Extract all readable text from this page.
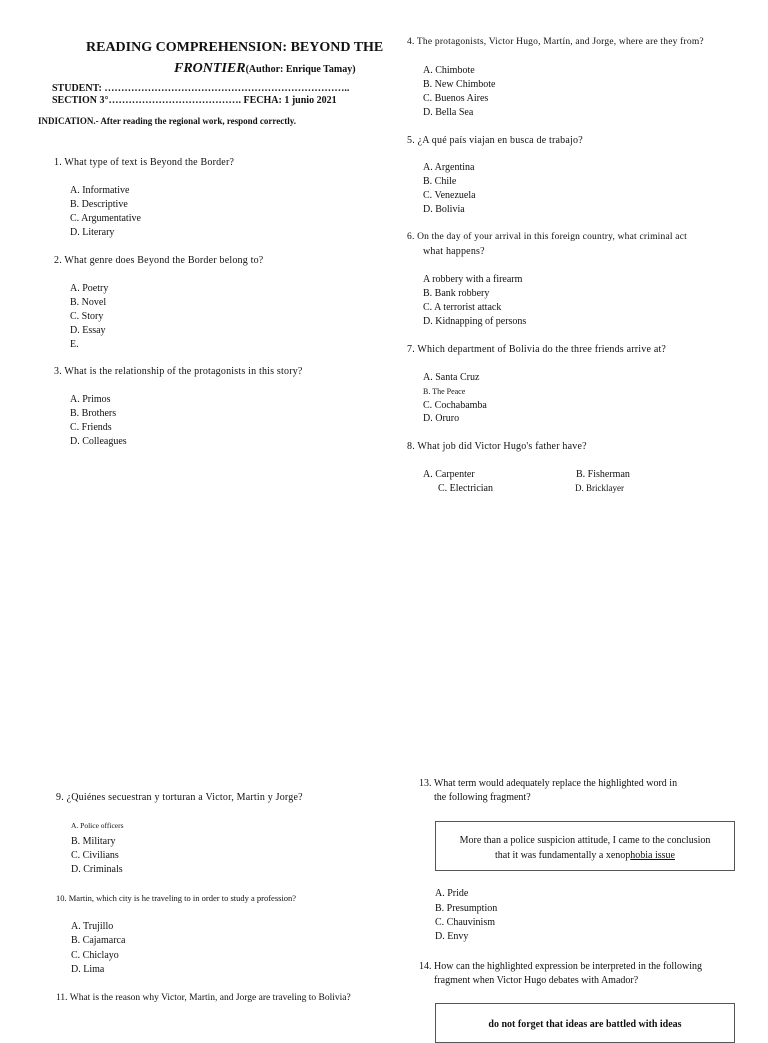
READING COMPREHENSION: BEYOND THE
FRONTIER(Author: Enrique Tamay)
STUDENT: ………………………………………………………………..
SECTION 3°…………………………………. FECHA: 1 junio 2021
INDICATION.- After reading the regional work, respond correctly.
1. What type of text is Beyond the Border?
A. Informative
B. Descriptive
C. Argumentative
D. Literary
2. What genre does Beyond the Border belong to?
A. Poetry
B. Novel
C. Story
D. Essay
E.
3. What is the relationship of the protagonists in this story?
A. Primos
B. Brothers
C. Friends
D. Colleagues
4. The protagonists, Victor Hugo, Martín, and Jorge, where are they from?
A. Chimbote
B. New Chimbote
C. Buenos Aires
D. Bella Sea
5. ¿A qué país viajan en busca de trabajo?
A. Argentina
B. Chile
C. Venezuela
D. Bolivia
6. On the day of your arrival in this foreign country, what criminal act
what happens?
A robbery with a firearm
B. Bank robbery
C. A terrorist attack
D. Kidnapping of persons
7. Which department of Bolivia do the three friends arrive at?
A. Santa Cruz
B. The Peace
C. Cochabamba
D. Oruro
8. What job did Victor Hugo's father have?
A. Carpenter	B. Fisherman
C. Electrician	D. Bricklayer
9. ¿Quiénes secuestran y torturan a Victor, Martin y Jorge?
A. Police officers
B. Military
C. Civilians
D. Criminals
10. Martin, which city is he traveling to in order to study a profession?
A. Trujillo
B. Cajamarca
C. Chiclayo
D. Lima
11. What is the reason why Victor, Martin, and Jorge are traveling to Bolivia?
13. What term would adequately replace the highlighted word in
the following fragment?
More than a police suspicion attitude, I came to the conclusion
that it was fundamentally a xenophobia issue
A. Pride
B. Presumption
C. Chauvinism
D. Envy
14. How can the highlighted expression be interpreted in the following
fragment when Victor Hugo debates with Amador?
do not forget that ideas are battled with ideas
